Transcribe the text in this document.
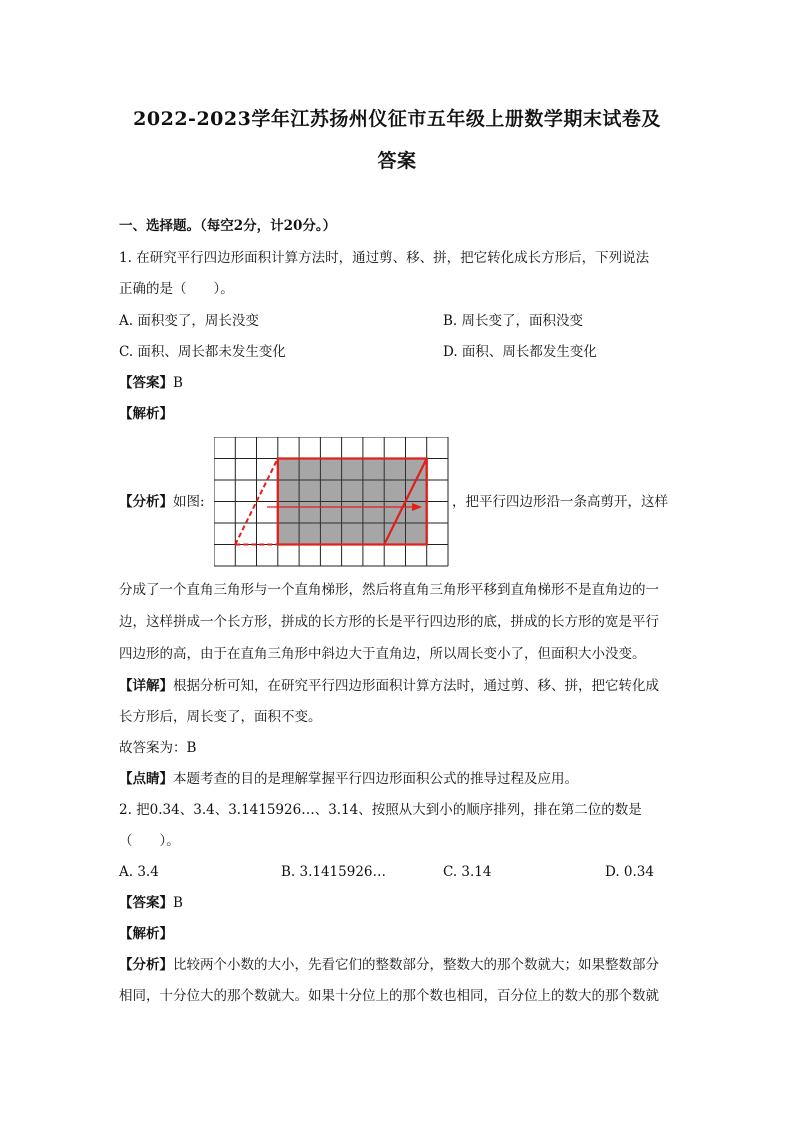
2022-2023学年江苏扬州仪征市五年级上册数学期末试卷及
答案
一、选择题。（每空2分，计20分。）
1. 在研究平行四边形面积计算方法时，通过剪、移、拼，把它转化成长方形后，下列说法
正确的是（　　）。
A. 面积变了，周长没变	B. 周长变了，面积没变
C. 面积、周长都未发生变化	D. 面积、周长都发生变化
【答案】B
【解析】
【分析】如图:	，把平行四边形沿一条高剪开，这样
分成了一个直角三角形与一个直角梯形，然后将直角三角形平移到直角梯形不是直角边的一
边，这样拼成一个长方形，拼成的长方形的长是平行四边形的底，拼成的长方形的宽是平行
四边形的高，由于在直角三角形中斜边大于直角边，所以周长变小了，但面积大小没变。
【详解】根据分析可知，在研究平行四边形面积计算方法时，通过剪、移、拼，把它转化成
长方形后，周长变了，面积不变。
故答案为：B
【点睛】本题考查的目的是理解掌握平行四边形面积公式的推导过程及应用。
2. 把0.34、3.4、3.1415926…、3.14、按照从大到小的顺序排列，排在第二位的数是
（　　）。
A. 3.4	B. 3.1415926…	C. 3.14	D. 0.34
【答案】B
【解析】
【分析】比较两个小数的大小，先看它们的整数部分，整数大的那个数就大；如果整数部分
相同，十分位大的那个数就大。如果十分位上的那个数也相同，百分位上的数大的那个数就
